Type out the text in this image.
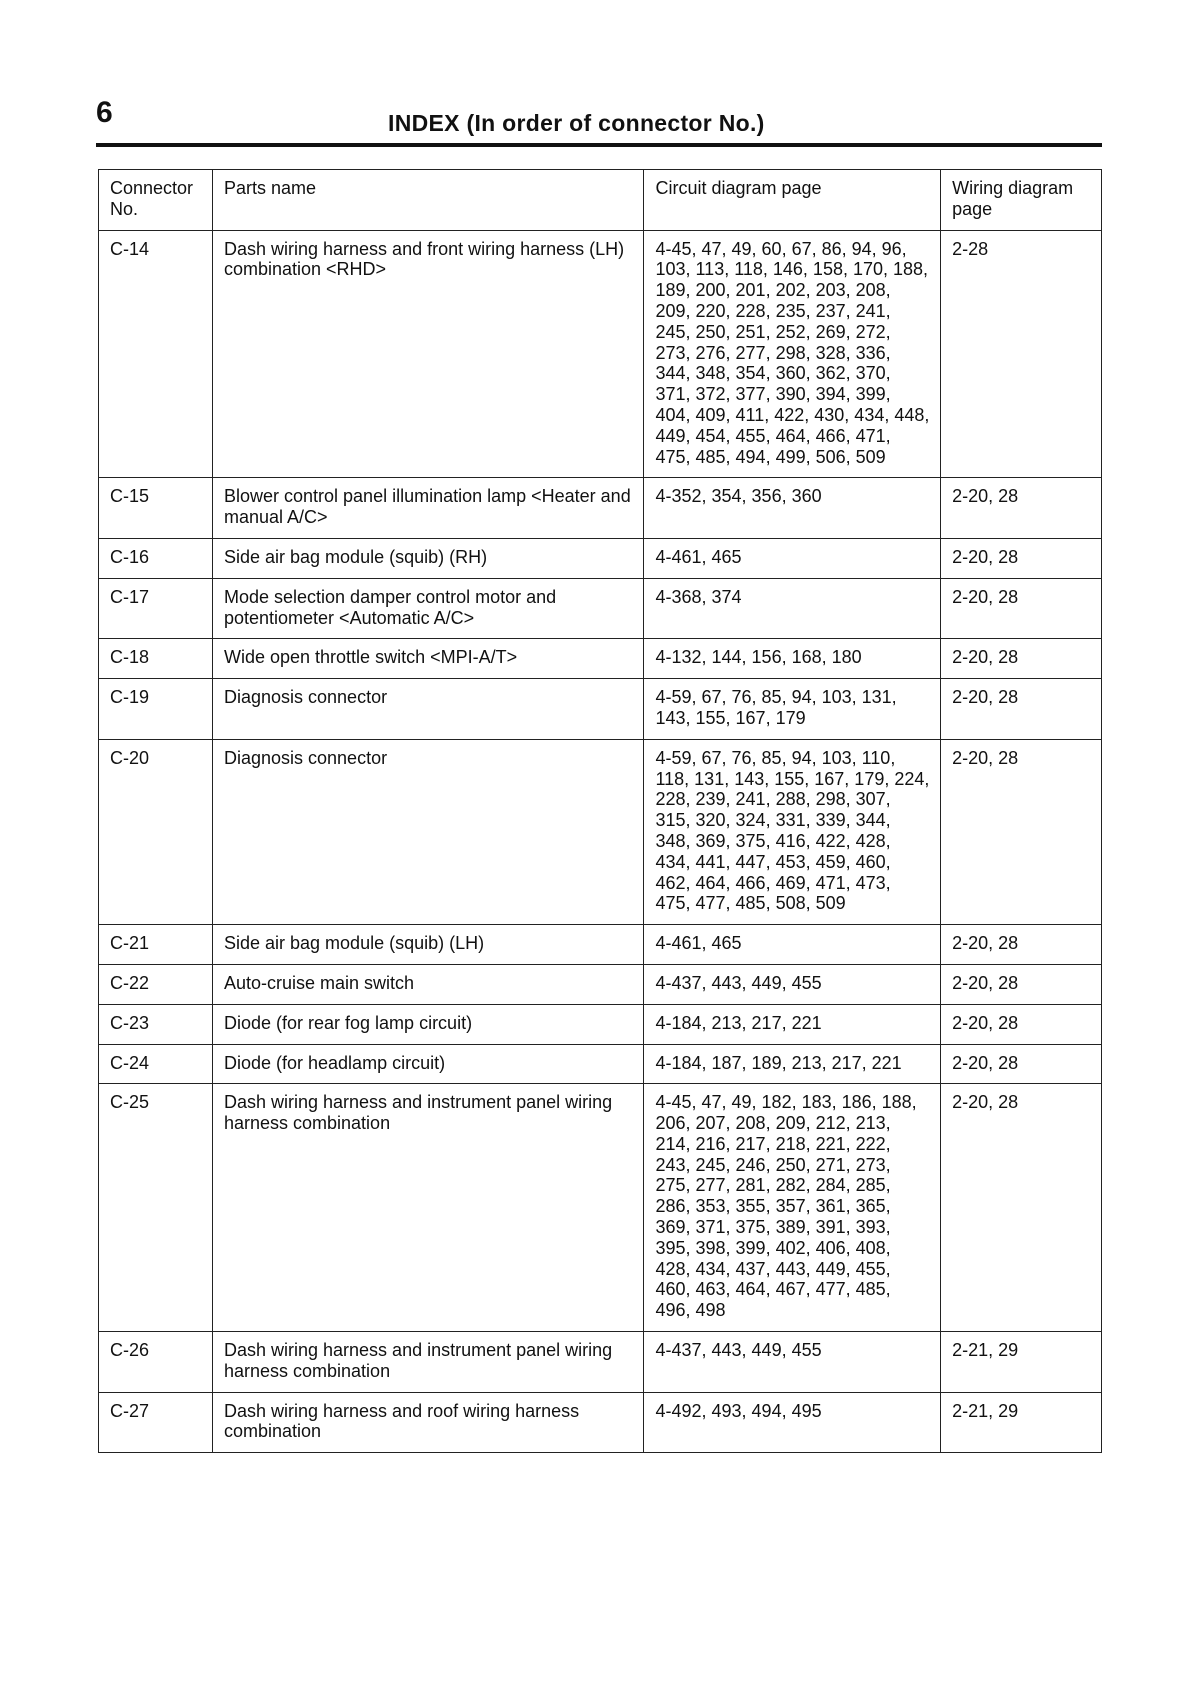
6	INDEX (In order of connector No.)
Connector No.	Parts name	Circuit diagram page	Wiring diagram page
C-14	Dash wiring harness and front wiring harness (LH) combination <RHD>	4-45, 47, 49, 60, 67, 86, 94, 96, 103, 113, 118, 146, 158, 170, 188, 189, 200, 201, 202, 203, 208, 209, 220, 228, 235, 237, 241, 245, 250, 251, 252, 269, 272, 273, 276, 277, 298, 328, 336, 344, 348, 354, 360, 362, 370, 371, 372, 377, 390, 394, 399, 404, 409, 411, 422, 430, 434, 448, 449, 454, 455, 464, 466, 471, 475, 485, 494, 499, 506, 509	2-28
C-15	Blower control panel illumination lamp <Heater and manual A/C>	4-352, 354, 356, 360	2-20, 28
C-16	Side air bag module (squib) (RH)	4-461, 465	2-20, 28
C-17	Mode selection damper control motor and potentiometer <Automatic A/C>	4-368, 374	2-20, 28
C-18	Wide open throttle switch <MPI-A/T>	4-132, 144, 156, 168, 180	2-20, 28
C-19	Diagnosis connector	4-59, 67, 76, 85, 94, 103, 131, 143, 155, 167, 179	2-20, 28
C-20	Diagnosis connector	4-59, 67, 76, 85, 94, 103, 110, 118, 131, 143, 155, 167, 179, 224, 228, 239, 241, 288, 298, 307, 315, 320, 324, 331, 339, 344, 348, 369, 375, 416, 422, 428, 434, 441, 447, 453, 459, 460, 462, 464, 466, 469, 471, 473, 475, 477, 485, 508, 509	2-20, 28
C-21	Side air bag module (squib) (LH)	4-461, 465	2-20, 28
C-22	Auto-cruise main switch	4-437, 443, 449, 455	2-20, 28
C-23	Diode (for rear fog lamp circuit)	4-184, 213, 217, 221	2-20, 28
C-24	Diode (for headlamp circuit)	4-184, 187, 189, 213, 217, 221	2-20, 28
C-25	Dash wiring harness and instrument panel wiring harness combination	4-45, 47, 49, 182, 183, 186, 188, 206, 207, 208, 209, 212, 213, 214, 216, 217, 218, 221, 222, 243, 245, 246, 250, 271, 273, 275, 277, 281, 282, 284, 285, 286, 353, 355, 357, 361, 365, 369, 371, 375, 389, 391, 393, 395, 398, 399, 402, 406, 408, 428, 434, 437, 443, 449, 455, 460, 463, 464, 467, 477, 485, 496, 498	2-20, 28
C-26	Dash wiring harness and instrument panel wiring harness combination	4-437, 443, 449, 455	2-21, 29
C-27	Dash wiring harness and roof wiring harness combination	4-492, 493, 494, 495	2-21, 29
